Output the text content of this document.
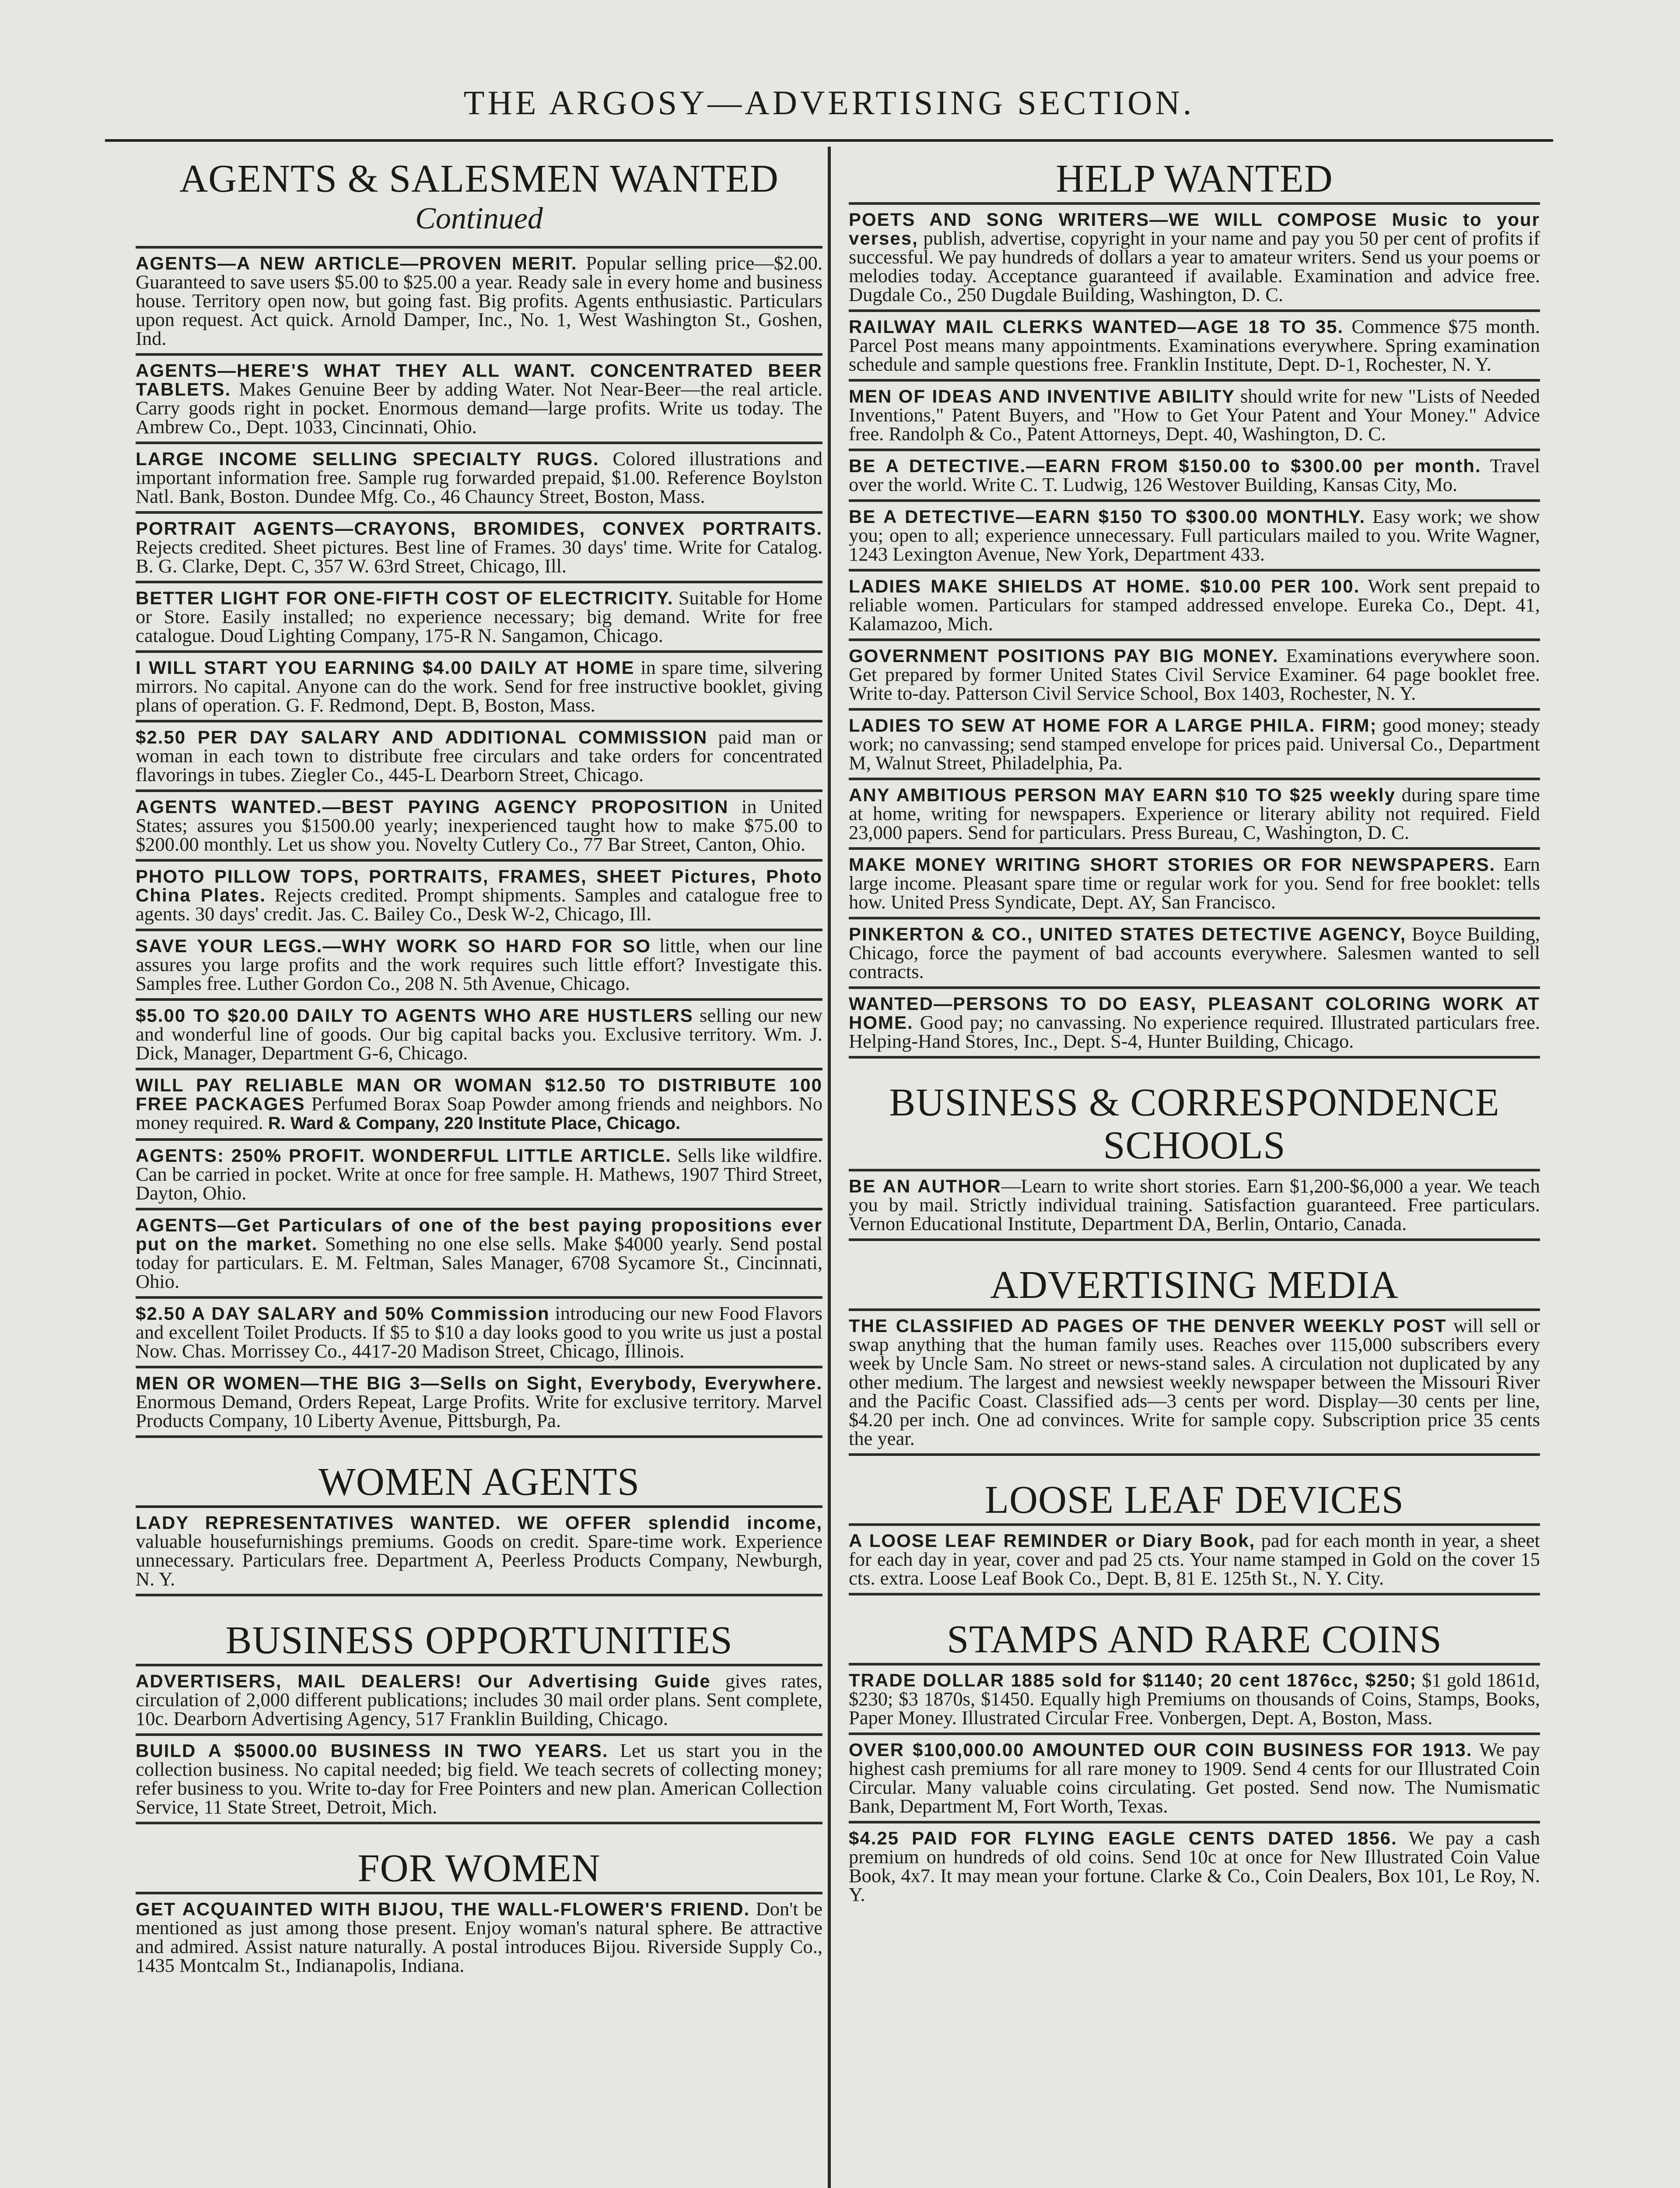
THE ARGOSY—ADVERTISING SECTION.
AGENTS & SALESMEN WANTED
Continued
AGENTS—A NEW ARTICLE—PROVEN MERIT. Popular selling price—$2.00. Guaranteed to save users $5.00 to $25.00 a year. Ready sale in every home and business house. Territory open now, but going fast. Big profits. Agents enthusiastic. Particulars upon request. Act quick. Arnold Damper, Inc., No. 1, West Washington St., Goshen, Ind.
AGENTS—HERE'S WHAT THEY ALL WANT. CONCENTRATED BEER TABLETS. Makes Genuine Beer by adding Water. Not Near-Beer—the real article. Carry goods right in pocket. Enormous demand—large profits. Write us today. The Ambrew Co., Dept. 1033, Cincinnati, Ohio.
LARGE INCOME SELLING SPECIALTY RUGS. Colored illustrations and important information free. Sample rug forwarded prepaid, $1.00. Reference Boylston Natl. Bank, Boston. Dundee Mfg. Co., 46 Chauncy Street, Boston, Mass.
PORTRAIT AGENTS—CRAYONS, BROMIDES, CONVEX PORTRAITS. Rejects credited. Sheet pictures. Best line of Frames. 30 days' time. Write for Catalog. B. G. Clarke, Dept. C, 357 W. 63rd Street, Chicago, Ill.
BETTER LIGHT FOR ONE-FIFTH COST OF ELECTRICITY. Suitable for Home or Store. Easily installed; no experience necessary; big demand. Write for free catalogue. Doud Lighting Company, 175-R N. Sangamon, Chicago.
I WILL START YOU EARNING $4.00 DAILY AT HOME in spare time, silvering mirrors. No capital. Anyone can do the work. Send for free instructive booklet, giving plans of operation. G. F. Redmond, Dept. B, Boston, Mass.
$2.50 PER DAY SALARY AND ADDITIONAL COMMISSION paid man or woman in each town to distribute free circulars and take orders for concentrated flavorings in tubes. Ziegler Co., 445-L Dearborn Street, Chicago.
AGENTS WANTED.—BEST PAYING AGENCY PROPOSITION in United States; assures you $1500.00 yearly; inexperienced taught how to make $75.00 to $200.00 monthly. Let us show you. Novelty Cutlery Co., 77 Bar Street, Canton, Ohio.
PHOTO PILLOW TOPS, PORTRAITS, FRAMES, SHEET Pictures, Photo China Plates. Rejects credited. Prompt shipments. Samples and catalogue free to agents. 30 days' credit. Jas. C. Bailey Co., Desk W-2, Chicago, Ill.
SAVE YOUR LEGS.—WHY WORK SO HARD FOR SO little, when our line assures you large profits and the work requires such little effort? Investigate this. Samples free. Luther Gordon Co., 208 N. 5th Avenue, Chicago.
$5.00 TO $20.00 DAILY TO AGENTS WHO ARE HUSTLERS selling our new and wonderful line of goods. Our big capital backs you. Exclusive territory. Wm. J. Dick, Manager, Department G-6, Chicago.
WILL PAY RELIABLE MAN OR WOMAN $12.50 TO DISTRIBUTE 100 FREE PACKAGES Perfumed Borax Soap Powder among friends and neighbors. No money required. R. Ward & Company, 220 Institute Place, Chicago.
AGENTS: 250% PROFIT. WONDERFUL LITTLE ARTICLE. Sells like wildfire. Can be carried in pocket. Write at once for free sample. H. Mathews, 1907 Third Street, Dayton, Ohio.
AGENTS—Get Particulars of one of the best paying propositions ever put on the market. Something no one else sells. Make $4000 yearly. Send postal today for particulars. E. M. Feltman, Sales Manager, 6708 Sycamore St., Cincinnati, Ohio.
$2.50 A DAY SALARY and 50% Commission introducing our new Food Flavors and excellent Toilet Products. If $5 to $10 a day looks good to you write us just a postal Now. Chas. Morrissey Co., 4417-20 Madison Street, Chicago, Illinois.
MEN OR WOMEN—THE BIG 3—Sells on Sight, Everybody, Everywhere. Enormous Demand, Orders Repeat, Large Profits. Write for exclusive territory. Marvel Products Company, 10 Liberty Avenue, Pittsburgh, Pa.
WOMEN AGENTS
LADY REPRESENTATIVES WANTED. WE OFFER splendid income, valuable housefurnishings premiums. Goods on credit. Spare-time work. Experience unnecessary. Particulars free. Department A, Peerless Products Company, Newburgh, N. Y.
BUSINESS OPPORTUNITIES
ADVERTISERS, MAIL DEALERS! Our Advertising Guide gives rates, circulation of 2,000 different publications; includes 30 mail order plans. Sent complete, 10c. Dearborn Advertising Agency, 517 Franklin Building, Chicago.
BUILD A $5000.00 BUSINESS IN TWO YEARS. Let us start you in the collection business. No capital needed; big field. We teach secrets of collecting money; refer business to you. Write to-day for Free Pointers and new plan. American Collection Service, 11 State Street, Detroit, Mich.
FOR WOMEN
GET ACQUAINTED WITH BIJOU, THE WALL-FLOWER'S FRIEND. Don't be mentioned as just among those present. Enjoy woman's natural sphere. Be attractive and admired. Assist nature naturally. A postal introduces Bijou. Riverside Supply Co., 1435 Montcalm St., Indianapolis, Indiana.
HELP WANTED
POETS AND SONG WRITERS—WE WILL COMPOSE Music to your verses, publish, advertise, copyright in your name and pay you 50 per cent of profits if successful. We pay hundreds of dollars a year to amateur writers. Send us your poems or melodies today. Acceptance guaranteed if available. Examination and advice free. Dugdale Co., 250 Dugdale Building, Washington, D. C.
RAILWAY MAIL CLERKS WANTED—AGE 18 TO 35. Commence $75 month. Parcel Post means many appointments. Examinations everywhere. Spring examination schedule and sample questions free. Franklin Institute, Dept. D-1, Rochester, N. Y.
MEN OF IDEAS AND INVENTIVE ABILITY should write for new "Lists of Needed Inventions," Patent Buyers, and "How to Get Your Patent and Your Money." Advice free. Randolph & Co., Patent Attorneys, Dept. 40, Washington, D. C.
BE A DETECTIVE.—EARN FROM $150.00 to $300.00 per month. Travel over the world. Write C. T. Ludwig, 126 Westover Building, Kansas City, Mo.
BE A DETECTIVE—EARN $150 TO $300.00 MONTHLY. Easy work; we show you; open to all; experience unnecessary. Full particulars mailed to you. Write Wagner, 1243 Lexington Avenue, New York, Department 433.
LADIES MAKE SHIELDS AT HOME. $10.00 PER 100. Work sent prepaid to reliable women. Particulars for stamped addressed envelope. Eureka Co., Dept. 41, Kalamazoo, Mich.
GOVERNMENT POSITIONS PAY BIG MONEY. Examinations everywhere soon. Get prepared by former United States Civil Service Examiner. 64 page booklet free. Write to-day. Patterson Civil Service School, Box 1403, Rochester, N. Y.
LADIES TO SEW AT HOME FOR A LARGE PHILA. FIRM; good money; steady work; no canvassing; send stamped envelope for prices paid. Universal Co., Department M, Walnut Street, Philadelphia, Pa.
ANY AMBITIOUS PERSON MAY EARN $10 TO $25 weekly during spare time at home, writing for newspapers. Experience or literary ability not required. Field 23,000 papers. Send for particulars. Press Bureau, C, Washington, D. C.
MAKE MONEY WRITING SHORT STORIES OR FOR NEWSPAPERS. Earn large income. Pleasant spare time or regular work for you. Send for free booklet: tells how. United Press Syndicate, Dept. AY, San Francisco.
PINKERTON & CO., UNITED STATES DETECTIVE AGENCY, Boyce Building, Chicago, force the payment of bad accounts everywhere. Salesmen wanted to sell contracts.
WANTED—PERSONS TO DO EASY, PLEASANT COLORING WORK AT HOME. Good pay; no canvassing. No experience required. Illustrated particulars free. Helping-Hand Stores, Inc., Dept. S-4, Hunter Building, Chicago.
BUSINESS & CORRESPONDENCE SCHOOLS
BE AN AUTHOR—Learn to write short stories. Earn $1,200-$6,000 a year. We teach you by mail. Strictly individual training. Satisfaction guaranteed. Free particulars. Vernon Educational Institute, Department DA, Berlin, Ontario, Canada.
ADVERTISING MEDIA
THE CLASSIFIED AD PAGES OF THE DENVER WEEKLY POST will sell or swap anything that the human family uses. Reaches over 115,000 subscribers every week by Uncle Sam. No street or news-stand sales. A circulation not duplicated by any other medium. The largest and newsiest weekly newspaper between the Missouri River and the Pacific Coast. Classified ads—3 cents per word. Display—30 cents per line, $4.20 per inch. One ad convinces. Write for sample copy. Subscription price 35 cents the year.
LOOSE LEAF DEVICES
A LOOSE LEAF REMINDER or Diary Book, pad for each month in year, a sheet for each day in year, cover and pad 25 cts. Your name stamped in Gold on the cover 15 cts. extra. Loose Leaf Book Co., Dept. B, 81 E. 125th St., N. Y. City.
STAMPS AND RARE COINS
TRADE DOLLAR 1885 sold for $1140; 20 cent 1876cc, $250; $1 gold 1861d, $230; $3 1870s, $1450. Equally high Premiums on thousands of Coins, Stamps, Books, Paper Money. Illustrated Circular Free. Vonbergen, Dept. A, Boston, Mass.
OVER $100,000.00 AMOUNTED OUR COIN BUSINESS FOR 1913. We pay highest cash premiums for all rare money to 1909. Send 4 cents for our Illustrated Coin Circular. Many valuable coins circulating. Get posted. Send now. The Numismatic Bank, Department M, Fort Worth, Texas.
$4.25 PAID FOR FLYING EAGLE CENTS DATED 1856. We pay a cash premium on hundreds of old coins. Send 10c at once for New Illustrated Coin Value Book, 4x7. It may mean your fortune. Clarke & Co., Coin Dealers, Box 101, Le Roy, N. Y.
